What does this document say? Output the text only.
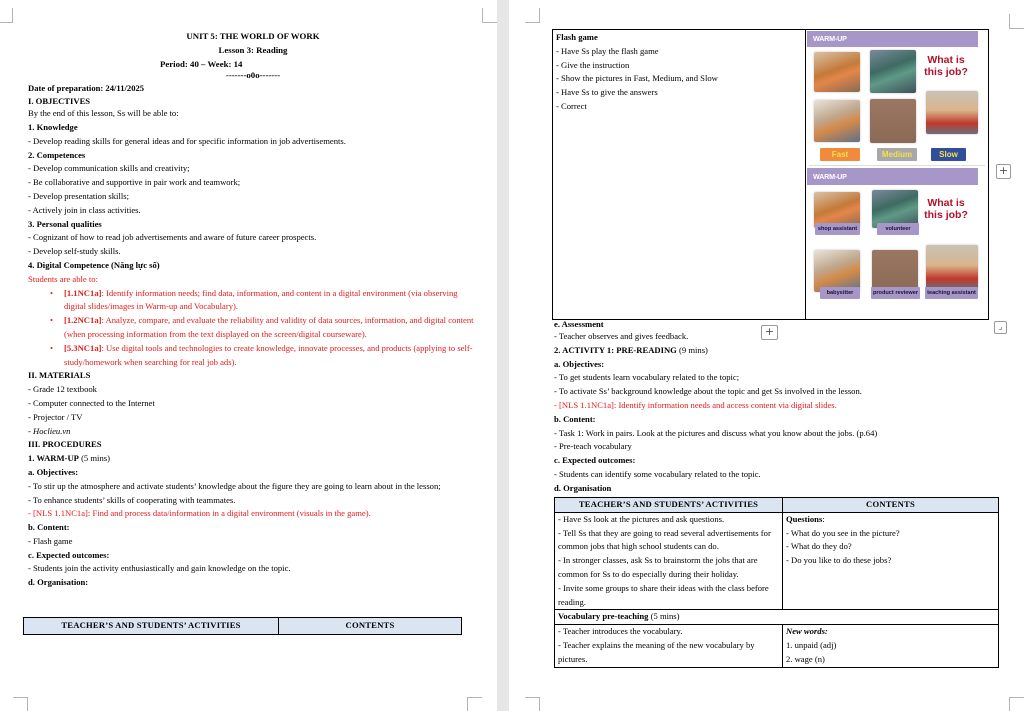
UNIT 5: THE WORLD OF WORK
Lesson 3: Reading
Period: 40 – Week: 14
-------o0o-------
Date of preparation: 24/11/2025
I. OBJECTIVES
By the end of this lesson, Ss will be able to:
1. Knowledge
- Develop reading skills for general ideas and for specific information in job advertisements.
2. Competences
- Develop communication skills and creativity;
- Be collaborative and supportive in pair work and teamwork;
- Develop presentation skills;
- Actively join in class activities.
3. Personal qualities
- Cognizant of how to read job advertisements and aware of future career prospects.
- Develop self-study skills.
4. Digital Competence (Năng lực số)
Students are able to:
• [1.1NC1a]: Identify information needs; find data, information, and content in a digital environment (via observing digital slides/images in Warm-up and Vocabulary).
• [1.2NC1a]: Analyze, compare, and evaluate the reliability and validity of data sources, information, and digital content (when processing information from the text displayed on the screen/digital courseware).
• [5.3NC1a]: Use digital tools and technologies to create knowledge, innovate processes, and products (applying to self-study/homework when searching for real job ads).
II. MATERIALS
- Grade 12 textbook
- Computer connected to the Internet
- Projector / TV
- Hoclieu.vn
III. PROCEDURES
1. WARM-UP (5 mins)
a. Objectives:
- To stir up the atmosphere and activate students’ knowledge about the figure they are going to learn about in the lesson;
- To enhance students’ skills of cooperating with teammates.
- [NLS 1.1NC1a]: Find and process data/information in a digital environment (visuals in the game).
b. Content:
- Flash game
c. Expected outcomes:
- Students join the activity enthusiastically and gain knowledge on the topic.
d. Organisation:
TEACHER’S AND STUDENTS’ ACTIVITIES	CONTENTS
Flash game
- Have Ss play the flash game
- Give the instruction
- Show the pictures in Fast, Medium, and Slow
- Have Ss to give the answers
- Correct

WARM-UP
What is this job?
Fast	Medium	Slow
WARM-UP
shop assistant	volunteer
What is this job?
babysitter	product reviewer	teaching assistant
+
+	⌟
e. Assessment
- Teacher observes and gives feedback.
2. ACTIVITY 1: PRE-READING (9 mins)
a. Objectives:
- To get students learn vocabulary related to the topic;
- To activate Ss’ background knowledge about the topic and get Ss involved in the lesson.
- [NLS 1.1NC1a]: Identify information needs and access content via digital slides.
b. Content:
- Task 1: Work in pairs. Look at the pictures and discuss what you know about the jobs. (p.64)
- Pre-teach vocabulary
c. Expected outcomes:
- Students can identify some vocabulary related to the topic.
d. Organisation
TEACHER’S AND STUDENTS’ ACTIVITIES	CONTENTS

- Have Ss look at the pictures and ask questions.
- Tell Ss that they are going to read several advertisements for common jobs that high school students can do.
- In stronger classes, ask Ss to brainstorm the jobs that are common for Ss to do especially during their holiday.
- Invite some groups to share their ideas with the class before reading.

Questions:
- What do you see in the picture?
- What do they do?
- Do you like to do these jobs?

Vocabulary pre-teaching (5 mins)	

- Teacher introduces the vocabulary.
- Teacher explains the meaning of the new vocabulary by pictures.

New words:
1. unpaid (adj)
2. wage (n)
